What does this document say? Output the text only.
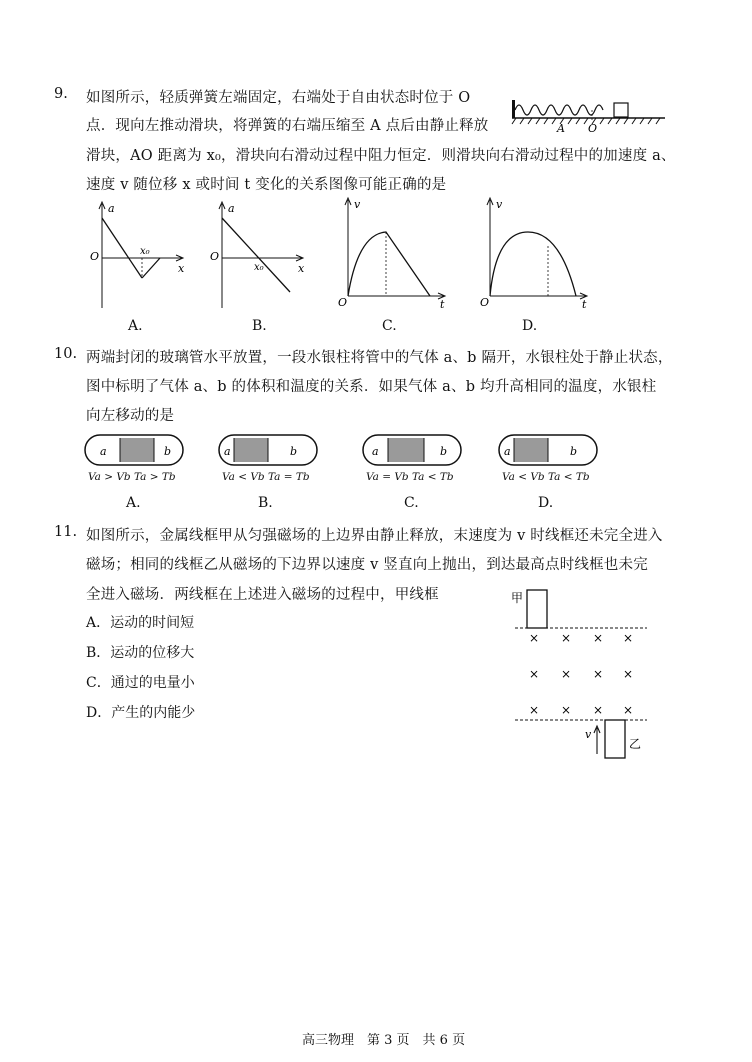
9. 如图所示，轻质弹簧左端固定，右端处于自由状态时位于 O
点．现向左推动滑块，将弹簧的右端压缩至 A 点后由静止释放
滑块，AO 距离为 x₀，滑块向右滑动过程中阻力恒定．则滑块向右滑动过程中的加速度 a、
速度 v 随位移 x 或时间 t 变化的关系图像可能正确的是
A O
a
O
x
x₀
A.
a
O
x
x₀
B.
v
O	t
C.
v
O	t
D.
10. 两端封闭的玻璃管水平放置，一段水银柱将管中的气体 a、b 隔开，水银柱处于静止状态，
图中标明了气体 a、b 的体积和温度的关系．如果气体 a、b 均升高相同的温度，水银柱
向左移动的是
a	b
Va > Vb Ta > Tb
A.
a	b
Va < Vb Ta = Tb
B.
a	b
Va = Vb Ta < Tb
C.
a	b
Va < Vb Ta < Tb
D.
11. 如图所示，金属线框甲从匀强磁场的上边界由静止释放，末速度为 v 时线框还未完全进入
磁场；相同的线框乙从磁场的下边界以速度 v 竖直向上抛出，到达最高点时线框也未完
全进入磁场．两线框在上述进入磁场的过程中，甲线框
A．运动的时间短
B．运动的位移大
C．通过的电量小
D．产生的内能少
甲
× × × ×
× × × ×
× × × ×
乙
v
高三物理　第 3 页　共 6 页
